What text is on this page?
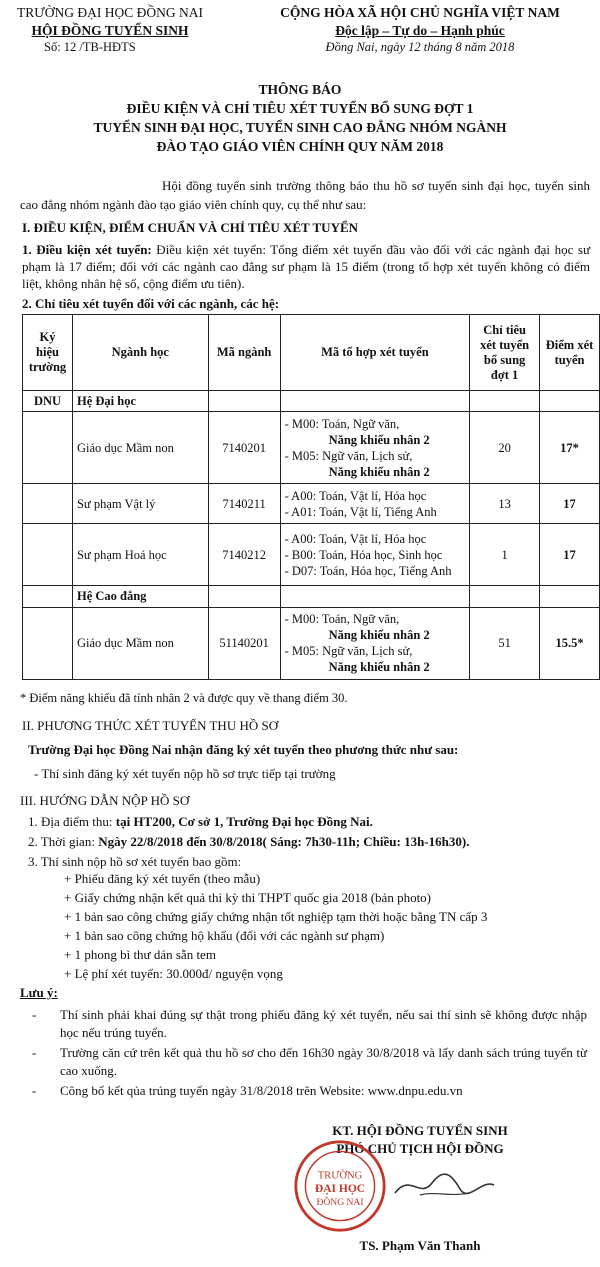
TRƯỜNG ĐẠI HỌC ĐỒNG NAI
HỘI ĐỒNG TUYỂN SINH
Số: 12 /TB-HĐTS
CỘNG HÒA XÃ HỘI CHỦ NGHĨA VIỆT NAM
Độc lập – Tự do – Hạnh phúc
Đồng Nai, ngày 12 tháng 8 năm 2018
THÔNG BÁO
ĐIỀU KIỆN VÀ CHỈ TIÊU XÉT TUYỂN BỔ SUNG ĐỢT 1
TUYỂN SINH ĐẠI HỌC, TUYỂN SINH CAO ĐẲNG NHÓM NGÀNH
ĐÀO TẠO GIÁO VIÊN CHÍNH QUY NĂM 2018
Hội đồng tuyển sinh trường thông báo thu hồ sơ tuyển sinh đại học, tuyển sinh cao đẳng nhóm ngành đào tạo giáo viên chính quy, cụ thể như sau:
I. ĐIỀU KIỆN, ĐIỂM CHUẨN VÀ CHỈ TIÊU XÉT TUYỂN
1. Điều kiện xét tuyển: Điều kiện xét tuyển: Tổng điểm xét tuyển đầu vào đối với các ngành đại học sư phạm là 17 điểm; đối với các ngành cao đẳng sư phạm là 15 điểm (trong tổ hợp xét tuyển không có điểm liệt, không nhân hệ số, cộng điểm ưu tiên).
2. Chỉ tiêu xét tuyển đối với các ngành, các hệ:
Ký hiệu trường	Ngành học	Mã ngành	Mã tổ hợp xét tuyển	Chỉ tiêu xét tuyển bổ sung đợt 1	Điểm xét tuyển
DNU	Hệ Đại học				
	Giáo dục Mầm non	7140201	- M00: Toán, Ngữ văn,
Năng khiếu nhân 2
- M05: Ngữ văn, Lịch sử,
Năng khiếu nhân 2	20	17*
	Sư phạm Vật lý	7140211	- A00: Toán, Vật lí, Hóa học
- A01: Toán, Vật lí, Tiếng Anh	13	17
	Sư phạm Hoá học	7140212	- A00: Toán, Vật lí, Hóa học
- B00: Toán, Hóa học, Sinh học
- D07: Toán, Hóa học, Tiếng Anh	1	17
	Hệ Cao đẳng				
	Giáo dục Mầm non	51140201	- M00: Toán, Ngữ văn,
Năng khiếu nhân 2
- M05: Ngữ văn, Lịch sử,
Năng khiếu nhân 2	51	15.5*
* Điểm năng khiếu đã tính nhân 2 và được quy về thang điểm 30.
II. PHƯƠNG THỨC XÉT TUYỂN THU HỒ SƠ
Trường Đại học Đồng Nai nhận đăng ký xét tuyển theo phương thức như sau:
- Thí sinh đăng ký xét tuyển nộp hồ sơ trực tiếp tại trường
III. HƯỚNG DẪN NỘP HỒ SƠ
1. Địa điểm thu: tại HT200, Cơ sở 1, Trường Đại học Đồng Nai.
2. Thời gian: Ngày 22/8/2018 đến 30/8/2018( Sáng: 7h30-11h; Chiều: 13h-16h30).
3. Thí sinh nộp hồ sơ xét tuyển bao gồm:
+ Phiếu đăng ký xét tuyển (theo mẫu)
+ Giấy chứng nhận kết quả thi kỳ thi THPT quốc gia 2018 (bản photo)
+ 1 bản sao công chứng giấy chứng nhận tốt nghiệp tạm thời hoặc bằng TN cấp 3
+ 1 bản sao công chứng hộ khẩu (đối với các ngành sư phạm)
+ 1 phong bì thư dán sẵn tem
+ Lệ phí xét tuyển: 30.000đ/ nguyện vọng
Lưu ý:
- Thí sinh phải khai đúng sự thật trong phiếu đăng ký xét tuyển, nếu sai thí sinh sẽ không được nhập học nếu trúng tuyển.
- Trường căn cứ trên kết quả thu hồ sơ cho đến 16h30 ngày 30/8/2018 và lấy danh sách trúng tuyển từ cao xuống.
- Công bố kết qủa trúng tuyển ngày 31/8/2018 trên Website: www.dnpu.edu.vn
KT. HỘI ĐỒNG TUYỂN SINH
PHÓ CHỦ TỊCH HỘI ĐỒNG
TRƯỜNG
ĐẠI HỌC
ĐỒNG NAI
TS. Phạm Văn Thanh
